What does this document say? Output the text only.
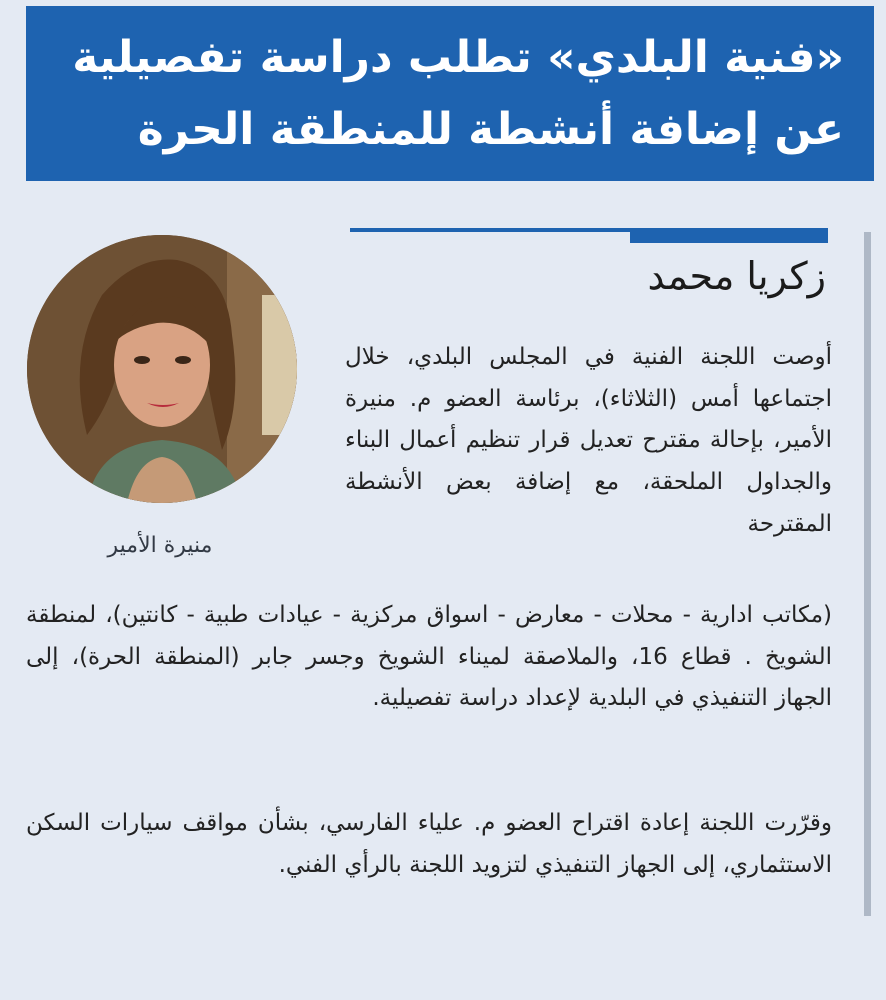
«فنية البلدي» تطلب دراسة تفصيلية
عن إضافة أنشطة للمنطقة الحرة
زكريا محمد
منيرة الأمير

أوصت اللجنة الفنية في المجلس البلدي، خلال اجتماعها أمس (الثلاثاء)، برئاسة العضو م. منيرة الأمير، بإحالة مقترح تعديل قرار تنظيم أعمال البناء والجداول الملحقة، مع إضافة بعض الأنشطة المقترحة

(مكاتب ادارية - محلات - معارض - اسواق مركزية - عيادات طبية - كانتين)، لمنطقة الشويخ . قطاع 16، والملاصقة لميناء الشويخ وجسر جابر (المنطقة الحرة)، إلى الجهاز التنفيذي في البلدية لإعداد دراسة تفصيلية.

وقرّرت اللجنة إعادة اقتراح العضو م. علياء الفارسي، بشأن مواقف سيارات السكن الاستثماري، إلى الجهاز التنفيذي لتزويد اللجنة بالرأي الفني.
